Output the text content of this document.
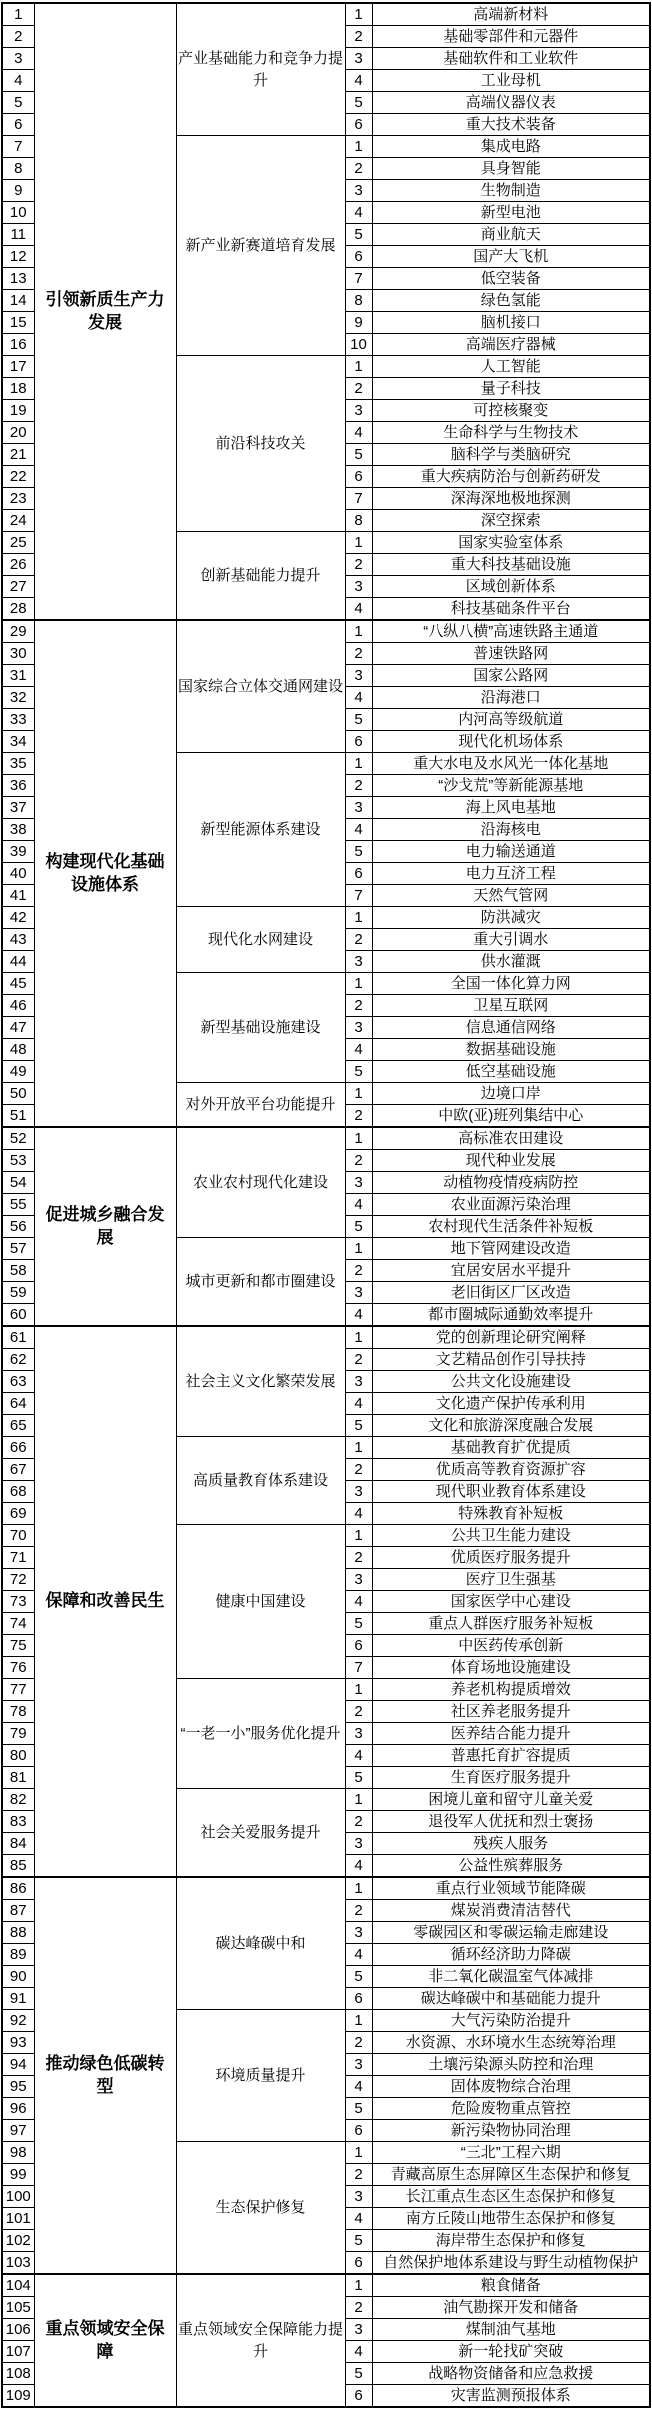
1	引领新质生产力发展	产业基础能力和竞争力提升	1	高端新材料
2			2	基础零部件和元器件
3			3	基础软件和工业软件
4			4	工业母机
5			5	高端仪器仪表
6			6	重大技术装备
7		新产业新赛道培育发展	1	集成电路
8			2	具身智能
9			3	生物制造
10			4	新型电池
11			5	商业航天
12			6	国产大飞机
13			7	低空装备
14			8	绿色氢能
15			9	脑机接口
16			10	高端医疗器械
17		前沿科技攻关	1	人工智能
18			2	量子科技
19			3	可控核聚变
20			4	生命科学与生物技术
21			5	脑科学与类脑研究
22			6	重大疾病防治与创新药研发
23			7	深海深地极地探测
24			8	深空探索
25		创新基础能力提升	1	国家实验室体系
26			2	重大科技基础设施
27			3	区域创新体系
28			4	科技基础条件平台
29	构建现代化基础设施体系	国家综合立体交通网建设	1	“八纵八横”高速铁路主通道
30			2	普速铁路网
31			3	国家公路网
32			4	沿海港口
33			5	内河高等级航道
34			6	现代化机场体系
35		新型能源体系建设	1	重大水电及水风光一体化基地
36			2	“沙戈荒”等新能源基地
37			3	海上风电基地
38			4	沿海核电
39			5	电力输送通道
40			6	电力互济工程
41			7	天然气管网
42		现代化水网建设	1	防洪减灾
43			2	重大引调水
44			3	供水灌溉
45		新型基础设施建设	1	全国一体化算力网
46			2	卫星互联网
47			3	信息通信网络
48			4	数据基础设施
49			5	低空基础设施
50		对外开放平台功能提升	1	边境口岸
51			2	中欧(亚)班列集结中心
52	促进城乡融合发展	农业农村现代化建设	1	高标准农田建设
53			2	现代种业发展
54			3	动植物疫情疫病防控
55			4	农业面源污染治理
56			5	农村现代生活条件补短板
57		城市更新和都市圈建设	1	地下管网建设改造
58			2	宜居安居水平提升
59			3	老旧街区厂区改造
60			4	都市圈城际通勤效率提升
61	保障和改善民生	社会主义文化繁荣发展	1	党的创新理论研究阐释
62			2	文艺精品创作引导扶持
63			3	公共文化设施建设
64			4	文化遗产保护传承利用
65			5	文化和旅游深度融合发展
66		高质量教育体系建设	1	基础教育扩优提质
67			2	优质高等教育资源扩容
68			3	现代职业教育体系建设
69			4	特殊教育补短板
70		健康中国建设	1	公共卫生能力建设
71			2	优质医疗服务提升
72			3	医疗卫生强基
73			4	国家医学中心建设
74			5	重点人群医疗服务补短板
75			6	中医药传承创新
76			7	体育场地设施建设
77		“一老一小”服务优化提升	1	养老机构提质增效
78			2	社区养老服务提升
79			3	医养结合能力提升
80			4	普惠托育扩容提质
81			5	生育医疗服务提升
82		社会关爱服务提升	1	困境儿童和留守儿童关爱
83			2	退役军人优抚和烈士褒扬
84			3	残疾人服务
85			4	公益性殡葬服务
86	推动绿色低碳转型	碳达峰碳中和	1	重点行业领域节能降碳
87			2	煤炭消费清洁替代
88			3	零碳园区和零碳运输走廊建设
89			4	循环经济助力降碳
90			5	非二氧化碳温室气体减排
91			6	碳达峰碳中和基础能力提升
92		环境质量提升	1	大气污染防治提升
93			2	水资源、水环境水生态统筹治理
94			3	土壤污染源头防控和治理
95			4	固体废物综合治理
96			5	危险废物重点管控
97			6	新污染物协同治理
98		生态保护修复	1	“三北”工程六期
99			2	青藏高原生态屏障区生态保护和修复
100			3	长江重点生态区生态保护和修复
101			4	南方丘陵山地带生态保护和修复
102			5	海岸带生态保护和修复
103			6	自然保护地体系建设与野生动植物保护
104	重点领域安全保障	重点领域安全保障能力提升	1	粮食储备
105			2	油气勘探开发和储备
106			3	煤制油气基地
107			4	新一轮找矿突破
108			5	战略物资储备和应急救援
109			6	灾害监测预报体系
